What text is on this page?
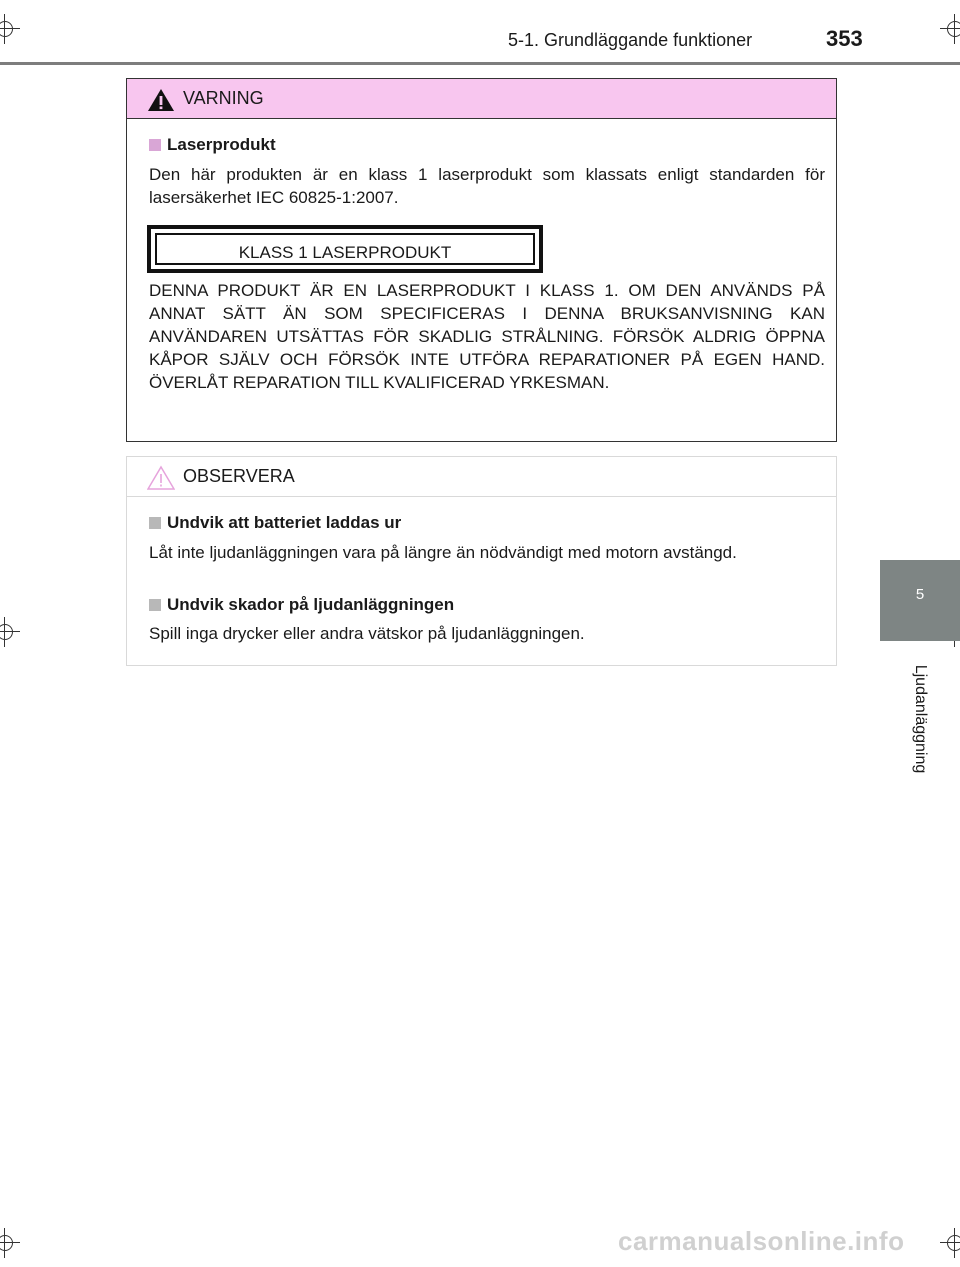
5-1. Grundläggande funktioner	353
5
Ljudanläggning
VARNING
Laserprodukt
Den här produkten är en klass 1 laserprodukt som klassats enligt standarden för lasersäkerhet IEC 60825-1:2007.
KLASS 1 LASERPRODUKT
DENNA PRODUKT ÄR EN LASERPRODUKT I KLASS 1. OM DEN ANVÄNDS PÅ ANNAT SÄTT ÄN SOM SPECIFICERAS I DENNA BRUKSANVISNING KAN ANVÄNDAREN UTSÄTTAS FÖR SKADLIG STRÅLNING. FÖRSÖK ALDRIG ÖPPNA KÅPOR SJÄLV OCH FÖRSÖK INTE UTFÖRA REPARATIONER PÅ EGEN HAND. ÖVERLÅT REPARATION TILL KVALIFICERAD YRKESMAN.
OBSERVERA
Undvik att batteriet laddas ur
Låt inte ljudanläggningen vara på längre än nödvändigt med motorn avstängd.
Undvik skador på ljudanläggningen
Spill inga drycker eller andra vätskor på ljudanläggningen.
carmanualsonline.info
